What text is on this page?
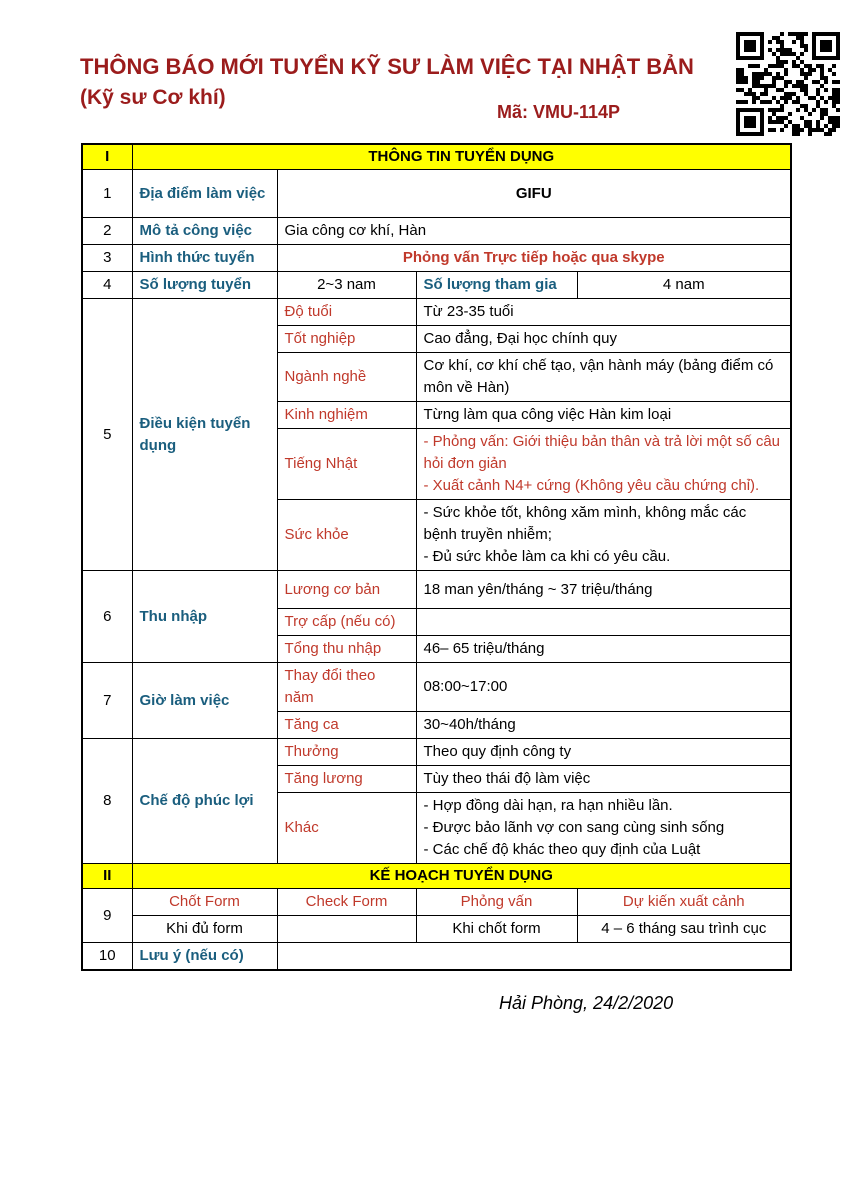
THÔNG BÁO MỚI TUYỂN KỸ SƯ LÀM VIỆC TẠI NHẬT BẢN
(Kỹ sư Cơ khí)
Mã: VMU-114P
I	THÔNG TIN TUYỂN DỤNG			
1	Địa điểm làm việc	GIFU		
2	Mô tả công việc	Gia công cơ khí, Hàn		
3	Hình thức tuyển	Phỏng vấn Trực tiếp hoặc qua skype		
4	Số lượng tuyển	2~3 nam	Số lượng tham gia	4 nam
5	Điều kiện tuyển dụng	Độ tuổi	Từ 23-35 tuổi	
		Tốt nghiệp	Cao đẳng, Đại học chính quy	
		Ngành nghề	Cơ khí, cơ khí chế tạo, vận hành máy (bảng điểm có môn về Hàn)	
		Kinh nghiệm	Từng làm qua công việc Hàn kim loại	
		Tiếng Nhật	- Phỏng vấn: Giới thiệu bản thân và trả lời một số câu hỏi đơn giản
- Xuất cảnh N4+ cứng (Không yêu cầu chứng chỉ).	

		Sức khỏe	- Sức khỏe tốt, không xăm mình, không mắc các bệnh truyền nhiễm;
- Đủ sức khỏe làm ca khi có yêu cầu.	

6	Thu nhập	Lương cơ bản	18 man yên/tháng ~ 37 triệu/tháng	
		Trợ cấp (nếu có)		
		Tổng thu nhập	46– 65 triệu/tháng	
7	Giờ làm việc	Thay đổi theo năm	08:00~17:00	
		Tăng ca	30~40h/tháng	
8	Chế độ phúc lợi	Thưởng	Theo quy định công ty	
		Tăng lương	Tùy theo thái độ làm việc	
		Khác	- Hợp đồng dài hạn, ra hạn nhiều lần.
- Được bảo lãnh vợ con sang cùng sinh sống
- Các chế độ khác theo quy định của Luật	

II	KẾ HOẠCH TUYỂN DỤNG			
9	Chốt Form	Check Form	Phỏng vấn	Dự kiến xuất cảnh
	Khi đủ form		Khi chốt form	4 – 6 tháng sau trình cục
10	Lưu ý (nếu có)			
Hải Phòng, 24/2/2020
